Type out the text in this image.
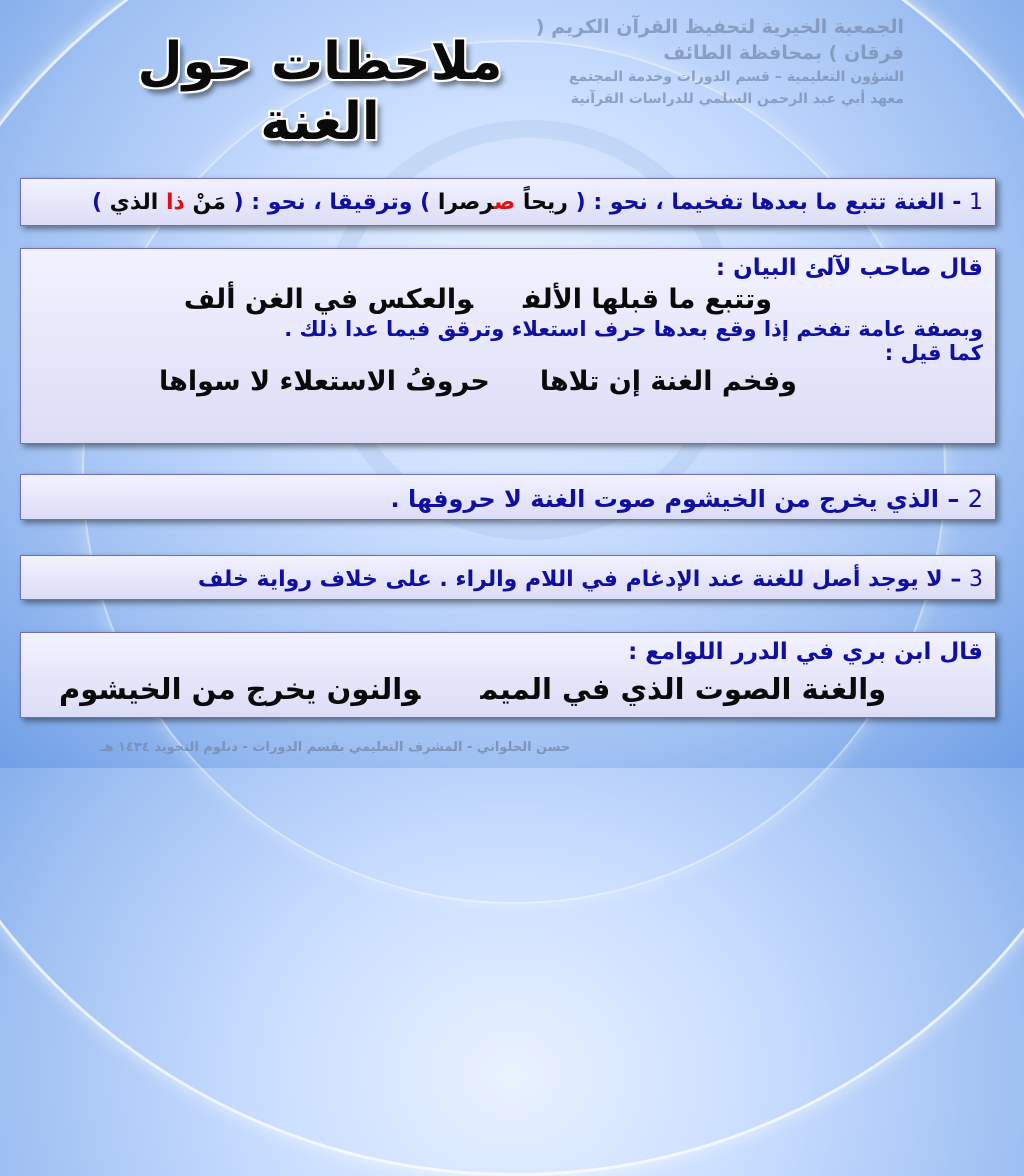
الجمعية الخيرية لتحفيظ القرآن الكريم ( فرقان ) بمحافظة الطائف
الشؤون التعليمية – قسم الدورات وخدمة المجتمع
معهد أبي عبد الرحمن السلمي للدراسات القرآنية
ملاحظات حول الغنة
1 - الغنة تتبع ما بعدها تفخيما ، نحو : ( ريحاً صرصرا ) وترقيقا ، نحو : ( مَنْ ذا الذي )
قال صاحب لآلئ البيان :
وتتبع ما قبلها الألفوالعكس في الغن ألف
وبصفة عامة تفخم إذا وقع بعدها حرف استعلاء وترقق فيما عدا ذلك .
كما قيل :
وفخم الغنة إن تلاهاحروفُ الاستعلاء لا سواها
2 – الذي يخرج من الخيشوم صوت الغنة لا حروفها .
3 – لا يوجد أصل للغنة عند الإدغام في اللام والراء . على خلاف رواية خلف
قال ابن بري في الدرر اللوامع :
والغنة الصوت الذي في الميموالنون يخرج من الخيشوم
حسن الحلواني - المشرف التعليمي بقسم الدورات - دبلوم التجويد ١٤٣٤ هـ
